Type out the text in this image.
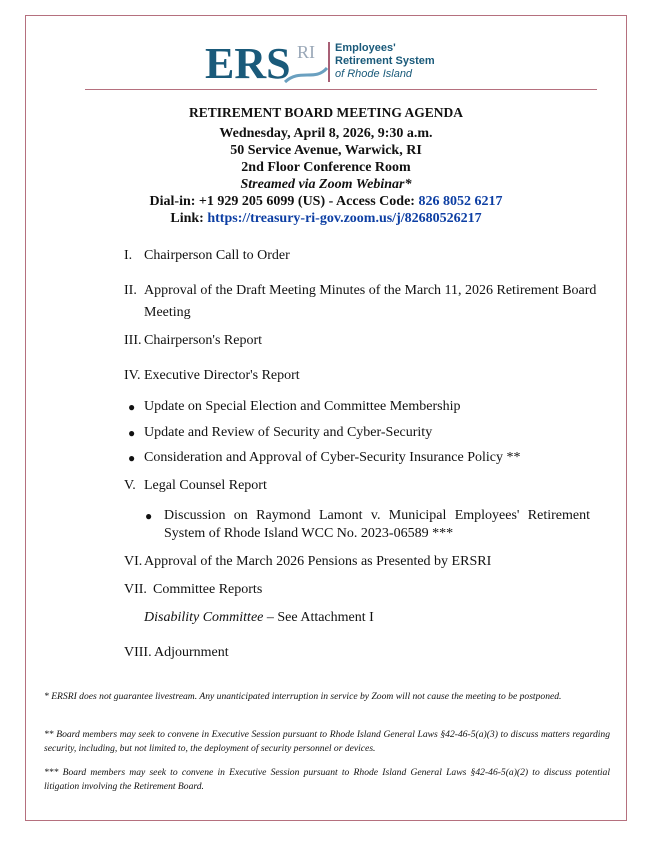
ERS RI Employees'
Retirement System
of Rhode Island
RETIREMENT BOARD MEETING AGENDA
Wednesday, April 8, 2026, 9:30 a.m.
50 Service Avenue, Warwick, RI
2nd Floor Conference Room
Streamed via Zoom Webinar*
Dial-in: +1 929 205 6099 (US) - Access Code: 826 8052 6217
Link: https://treasury-ri-gov.zoom.us/j/82680526217
I. Chairperson Call to Order
II. Approval of the Draft Meeting Minutes of the March 11, 2026 Retirement Board
Meeting
III. Chairperson's Report
IV. Executive Director's Report
● Update on Special Election and Committee Membership
● Update and Review of Security and Cyber-Security
● Consideration and Approval of Cyber-Security Insurance Policy **
V. Legal Counsel Report
● Discussion on Raymond Lamont v. Municipal Employees' Retirement
System of Rhode Island WCC No. 2023-06589 ***
VI. Approval of the March 2026 Pensions as Presented by ERSRI
VII. Committee Reports
Disability Committee – See Attachment I
VIII. Adjournment
* ERSRI does not guarantee livestream. Any unanticipated interruption in service by Zoom will not cause the meeting to be postponed.
** Board members may seek to convene in Executive Session pursuant to Rhode Island General Laws §42-46-5(a)(3) to discuss matters regarding security, including, but not limited to, the deployment of security personnel or devices.
*** Board members may seek to convene in Executive Session pursuant to Rhode Island General Laws §42-46-5(a)(2) to discuss potential litigation involving the Retirement Board.
